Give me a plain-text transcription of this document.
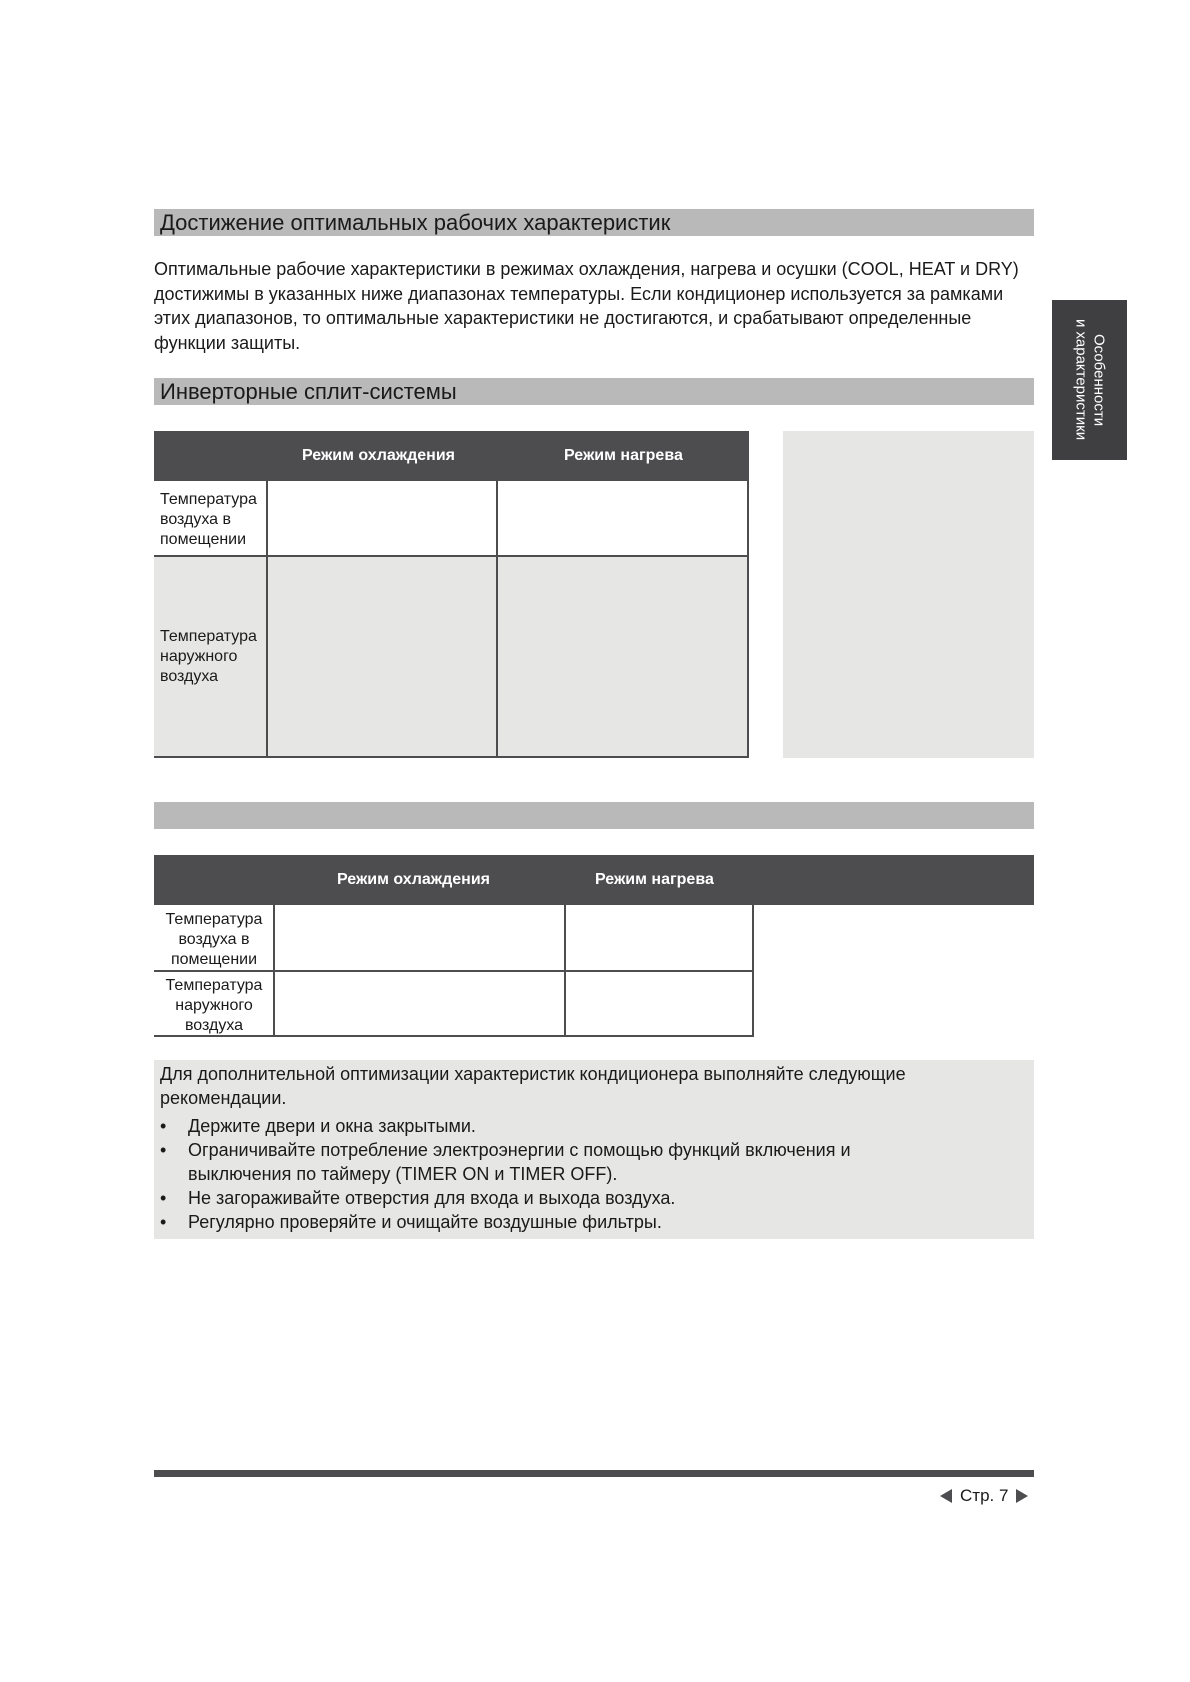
Достижение оптимальных рабочих характеристик

Оптимальные рабочие характеристики в режимах охлаждения, нагрева и осушки (COOL, HEAT и DRY) достижимы в указанных ниже диапазонах температуры. Если кондиционер используется за рамками этих диапазонов, то оптимальные характеристики не достигаются, и срабатывают определенные функции защиты.	Особенности
и характеристики
Инверторные сплит-системы
Режим охлаждения	Режим нагрева
Температура воздуха в помещении
Температура наружного воздуха
Режим охлаждения	Режим нагрева
Температура воздуха в помещении
Температура наружного воздуха
Для дополнительной оптимизации характеристик кондиционера выполняйте следующие рекомендации.
• Держите двери и окна закрытыми.
• Ограничивайте потребление электроэнергии с помощью функций включения и выключения по таймеру (TIMER ON и TIMER OFF).
• Не загораживайте отверстия для входа и выхода воздуха.
• Регулярно проверяйте и очищайте воздушные фильтры.
Стр. 7
